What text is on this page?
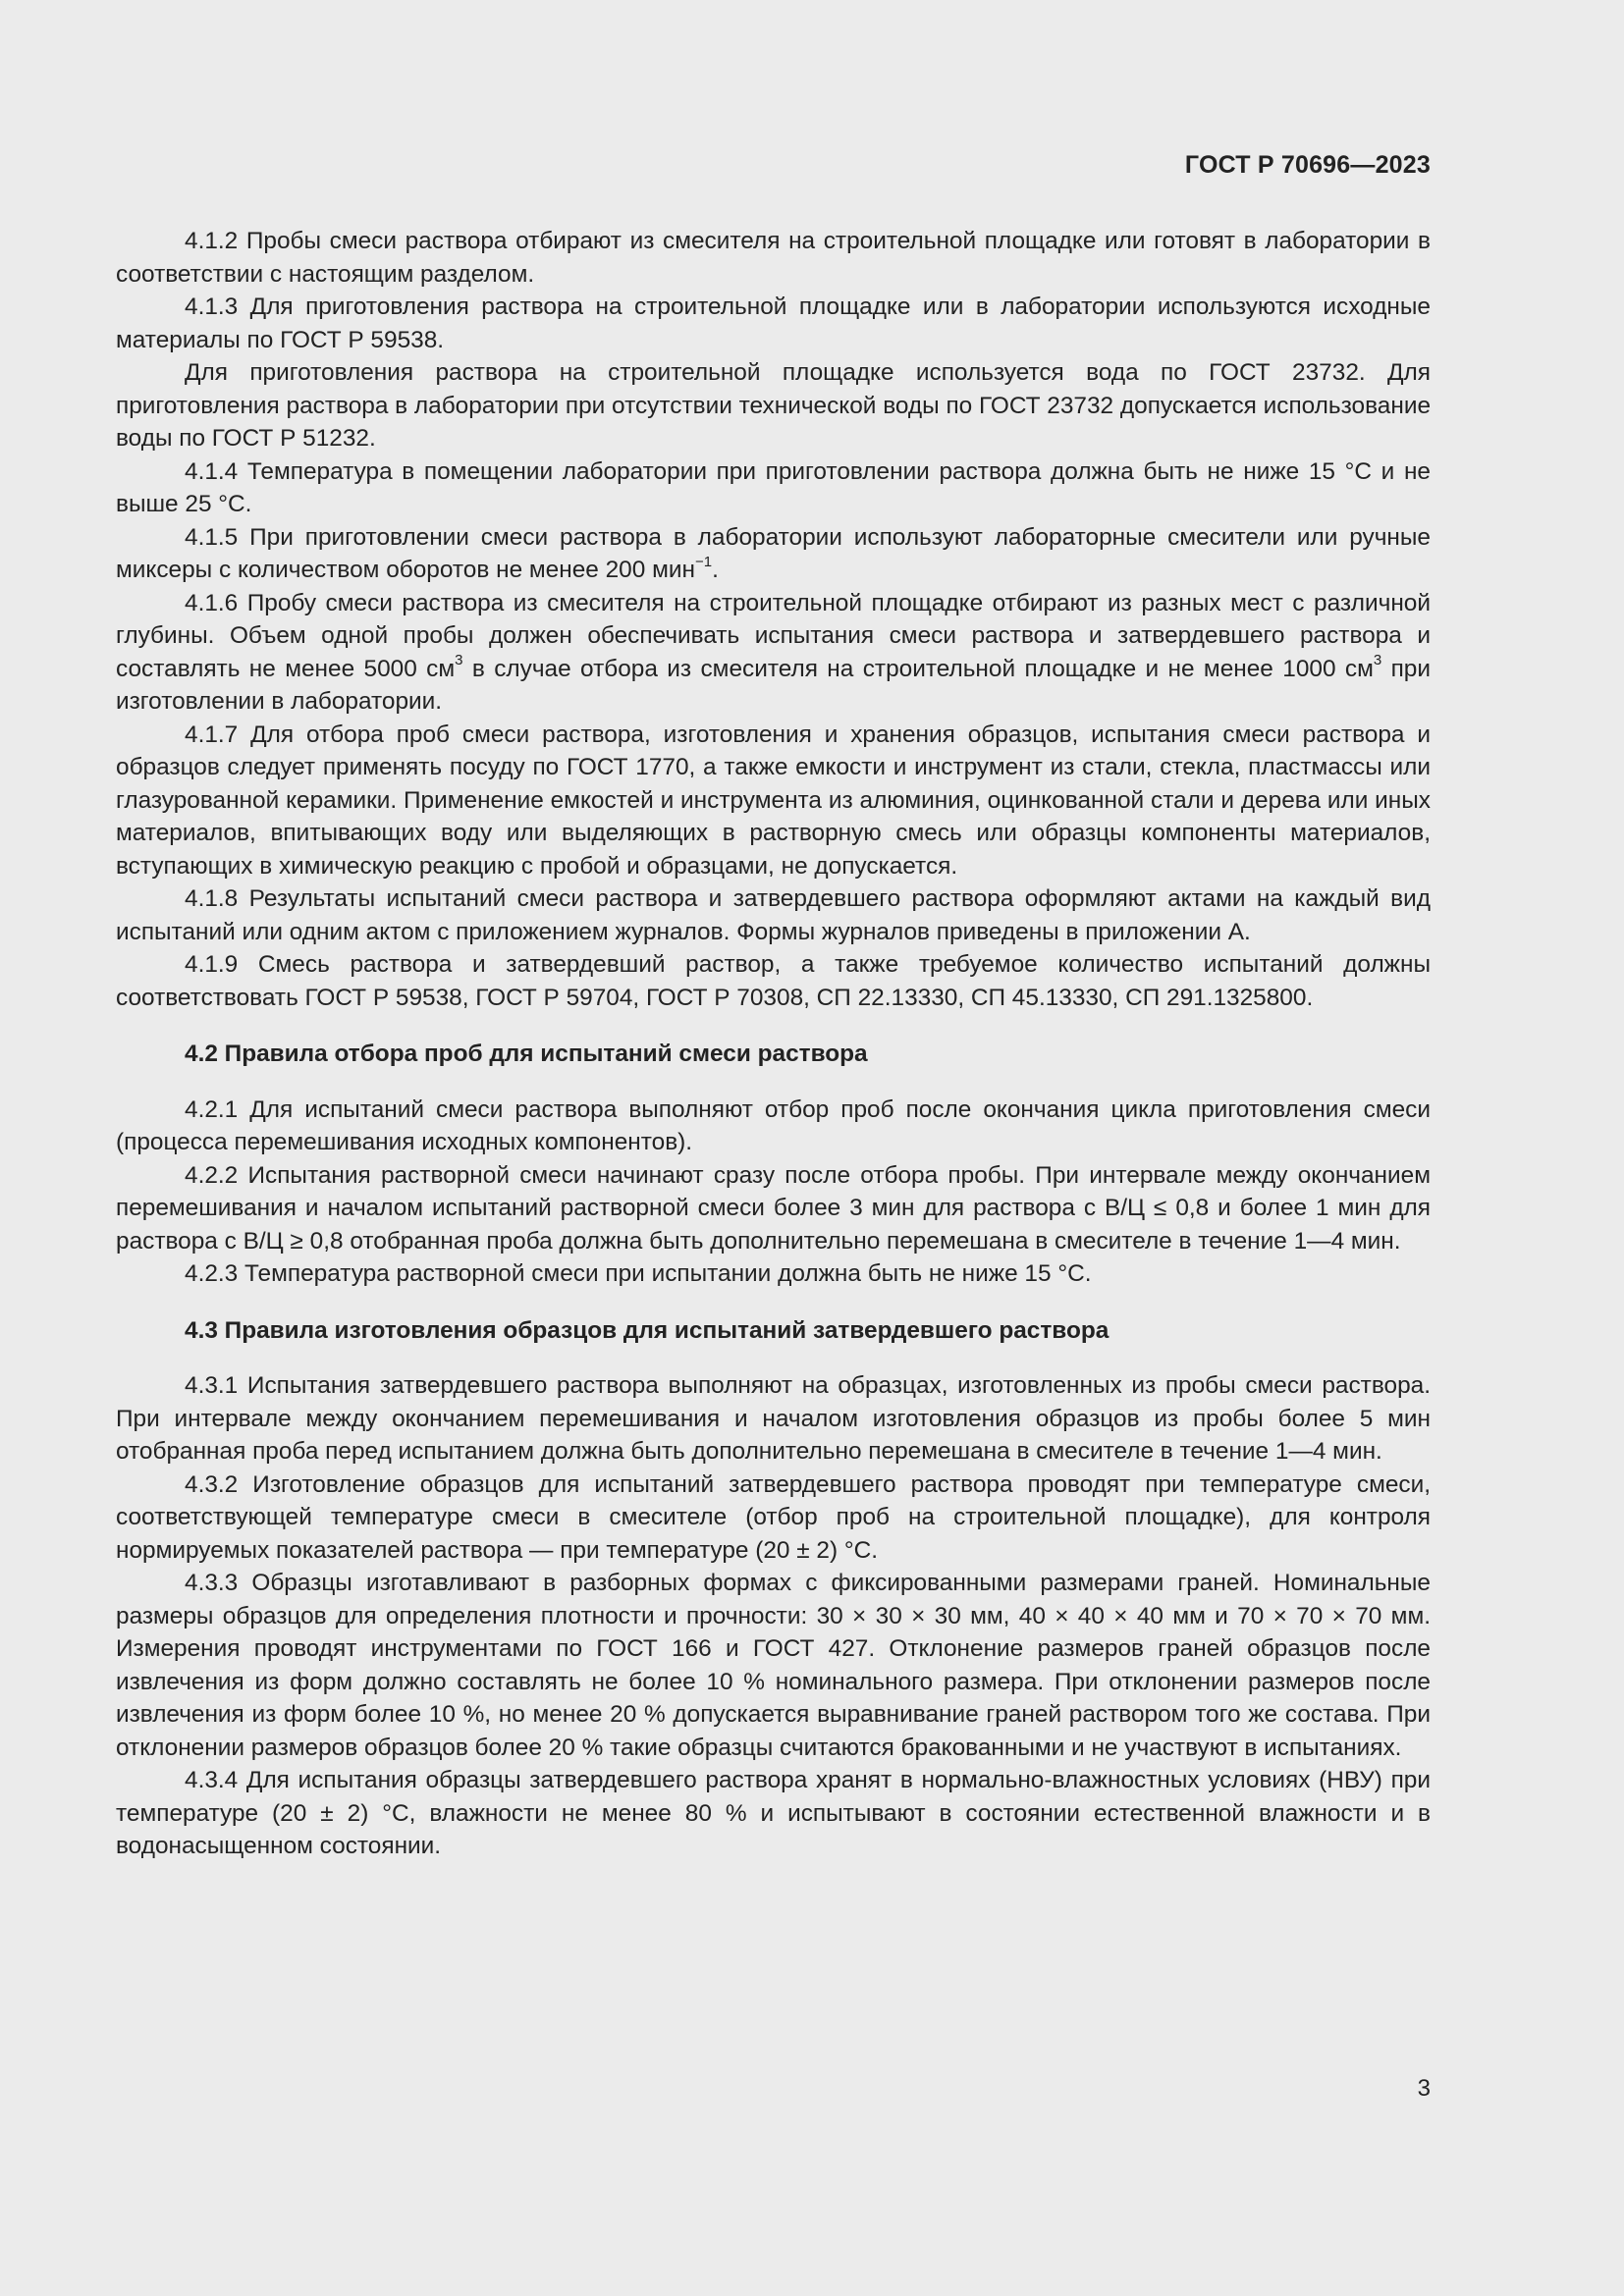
ГОСТ Р 70696—2023

4.1.2 Пробы смеси раствора отбирают из смесителя на строительной площадке или готовят в лаборатории в соответствии с настоящим разделом.

4.1.3 Для приготовления раствора на строительной площадке или в лаборатории используются исходные материалы по ГОСТ Р 59538.

Для приготовления раствора на строительной площадке используется вода по ГОСТ 23732. Для приготовления раствора в лаборатории при отсутствии технической воды по ГОСТ 23732 допускается использование воды по ГОСТ Р 51232.

4.1.4 Температура в помещении лаборатории при приготовлении раствора должна быть не ниже 15 °С и не выше 25 °С.

4.1.5 При приготовлении смеси раствора в лаборатории используют лабораторные смесители или ручные миксеры с количеством оборотов не менее 200 мин$^{-1}$.

4.1.6 Пробу смеси раствора из смесителя на строительной площадке отбирают из разных мест с различной глубины. Объем одной пробы должен обеспечивать испытания смеси раствора и затвердевшего раствора и составлять не менее 5000 $см^3$ в случае отбора из смесителя на строительной площадке и не менее 1000 $см^3$ при изготовлении в лаборатории.

4.1.7 Для отбора проб смеси раствора, изготовления и хранения образцов, испытания смеси раствора и образцов следует применять посуду по ГОСТ 1770, а также емкости и инструмент из стали, стекла, пластмассы или глазурованной керамики. Применение емкостей и инструмента из алюминия, оцинкованной стали и дерева или иных материалов, впитывающих воду или выделяющих в растворную смесь или образцы компоненты материалов, вступающих в химическую реакцию с пробой и образцами, не допускается.

4.1.8 Результаты испытаний смеси раствора и затвердевшего раствора оформляют актами на каждый вид испытаний или одним актом с приложением журналов. Формы журналов приведены в приложении А.

4.1.9 Смесь раствора и затвердевший раствор, а также требуемое количество испытаний должны соответствовать ГОСТ Р 59538, ГОСТ Р 59704, ГОСТ Р 70308, СП 22.13330, СП 45.13330, СП 291.1325800.

4.2 Правила отбора проб для испытаний смеси раствора

4.2.1 Для испытаний смеси раствора выполняют отбор проб после окончания цикла приготовления смеси (процесса перемешивания исходных компонентов).

4.2.2 Испытания растворной смеси начинают сразу после отбора пробы. При интервале между окончанием перемешивания и началом испытаний растворной смеси более 3 мин для раствора с В/Ц ≤ 0,8 и более 1 мин для раствора с В/Ц ≥ 0,8 отобранная проба должна быть дополнительно перемешана в смесителе в течение 1—4 мин.

4.2.3 Температура растворной смеси при испытании должна быть не ниже 15 °С.

4.3 Правила изготовления образцов для испытаний затвердевшего раствора

4.3.1 Испытания затвердевшего раствора выполняют на образцах, изготовленных из пробы смеси раствора. При интервале между окончанием перемешивания и началом изготовления образцов из пробы более 5 мин отобранная проба перед испытанием должна быть дополнительно перемешана в смесителе в течение 1—4 мин.

4.3.2 Изготовление образцов для испытаний затвердевшего раствора проводят при температуре смеси, соответствующей температуре смеси в смесителе (отбор проб на строительной площадке), для контроля нормируемых показателей раствора — при температуре (20 ± 2) °С.

4.3.3 Образцы изготавливают в разборных формах с фиксированными размерами граней. Номинальные размеры образцов для определения плотности и прочности: 30 × 30 × 30 мм, 40 × 40 × 40 мм и 70 × 70 × 70 мм. Измерения проводят инструментами по ГОСТ 166 и ГОСТ 427. Отклонение размеров граней образцов после извлечения из форм должно составлять не более 10 % номинального размера. При отклонении размеров после извлечения из форм более 10 %, но менее 20 % допускается выравнивание граней раствором того же состава. При отклонении размеров образцов более 20 % такие образцы считаются бракованными и не участвуют в испытаниях.

4.3.4 Для испытания образцы затвердевшего раствора хранят в нормально-влажностных условиях (НВУ) при температуре (20 ± 2) °С, влажности не менее 80 % и испытывают в состоянии естественной влажности и в водонасыщенном состоянии.

3
